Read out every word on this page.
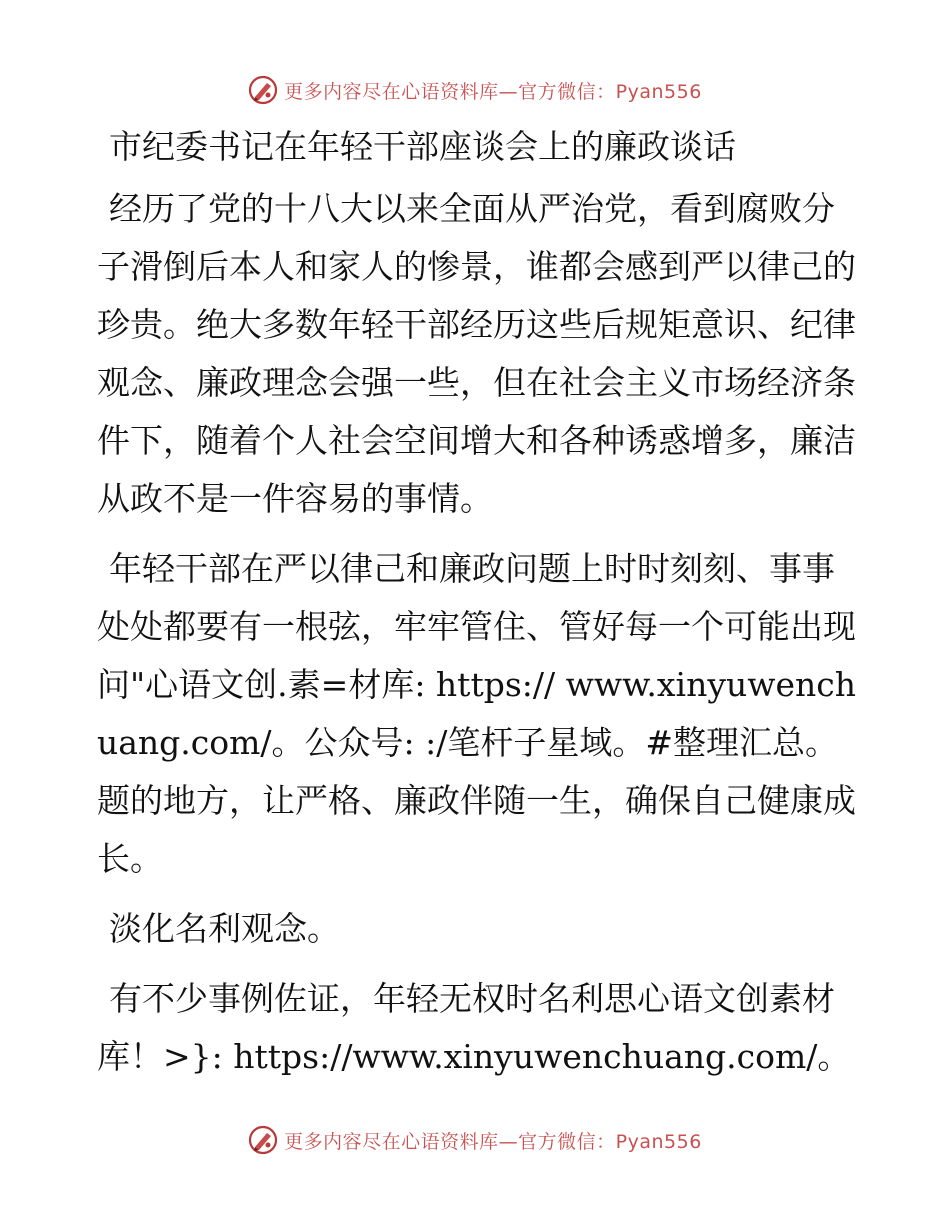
更多内容尽在心语资料库—官方微信：Pyan556
市纪委书记在年轻干部座谈会上的廉政谈话

经历了党的十八大以来全面从严治党，看到腐败分子滑倒后本人和家人的惨景，谁都会感到严以律己的珍贵。绝大多数年轻干部经历这些后规矩意识、纪律观念、廉政理念会强一些，但在社会主义市场经济条件下，随着个人社会空间增大和各种诱惑增多，廉洁从政不是一件容易的事情。

年轻干部在严以律己和廉政问题上时时刻刻、事事处处都要有一根弦，牢牢管住、管好每一个可能出现问"心语文创.素=材库: https:// www.xinyuwenchuang.com/。公众号: :/笔杆子星域。#整理汇总。题的地方，让严格、廉政伴随一生，确保自己健康成长。

淡化名利观念。

有不少事例佐证，年轻无权时名利思心语文创素材库！>}: https://www.xinyuwenchuang.com/。

更多内容尽在心语资料库—官方微信：Pyan556
